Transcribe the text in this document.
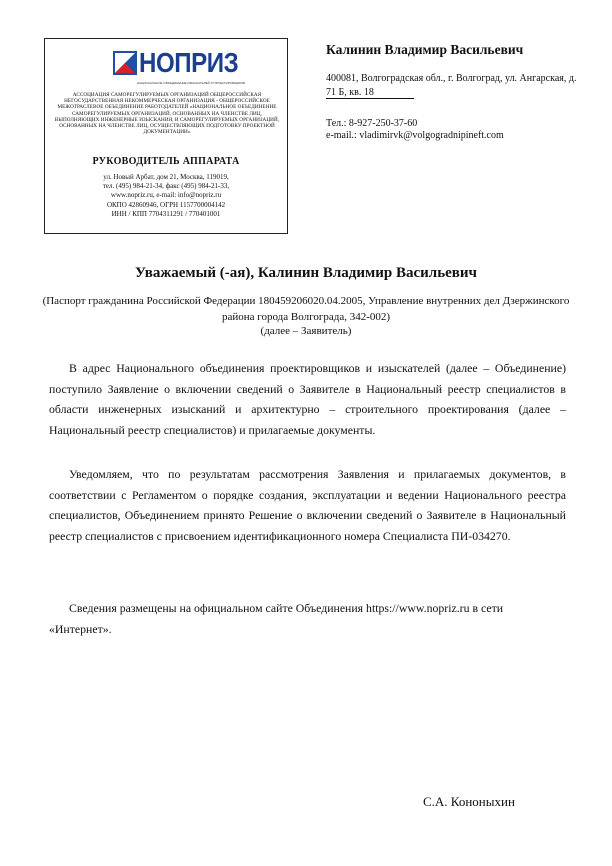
НОПРИЗ
НАЦИОНАЛЬНОЕ ОБЪЕДИНЕНИЕ ИЗЫСКАТЕЛЕЙ И ПРОЕКТИРОВЩИКОВ
АССОЦИАЦИЯ САМОРЕГУЛИРУЕМЫХ ОРГАНИЗАЦИЙ ОБЩЕРОССИЙСКАЯ НЕГОСУДАРСТВЕННАЯ НЕКОММЕРЧЕСКАЯ ОРГАНИЗАЦИЯ - ОБЩЕРОССИЙСКОЕ МЕЖОТРАСЛЕВОЕ ОБЪЕДИНЕНИЕ РАБОТОДАТЕЛЕЙ «НАЦИОНАЛЬНОЕ ОБЪЕДИНЕНИЕ САМОРЕГУЛИРУЕМЫХ ОРГАНИЗАЦИЙ, ОСНОВАННЫХ НА ЧЛЕНСТВЕ ЛИЦ, ВЫПОЛНЯЮЩИХ ИНЖЕНЕРНЫЕ ИЗЫСКАНИЯ, И САМОРЕГУЛИРУЕМЫХ ОРГАНИЗАЦИЙ, ОСНОВАННЫХ НА ЧЛЕНСТВЕ ЛИЦ, ОСУЩЕСТВЛЯЮЩИХ ПОДГОТОВКУ ПРОЕКТНОЙ ДОКУМЕНТАЦИИ»
РУКОВОДИТЕЛЬ АППАРАТА
ул. Новый Арбат, дом 21, Москва, 119019,
тел. (495) 984-21-34, факс (495) 984-21-33,
www.nopriz.ru, e-mail: info@nopriz.ru
ОКПО 42860946, ОГРН 1157700004142
ИНН / КПП 7704311291 / 770401001
Калинин Владимир Васильевич
400081, Волгоградская обл., г. Волгоград, ул. Ангарская, д. 71 Б, кв. 18
Тел.: 8-927-250-37-60
e-mail.: vladimirvk@volgogradnipineft.com
Уважаемый (-ая), Калинин Владимир Васильевич
(Паспорт гражданина Российской Федерации 180459206020.04.2005, Управление внутренних дел Дзержинского района города Волгограда, 342-002)
(далее – Заявитель)

В адрес Национального объединения проектировщиков и изыскателей (далее – Объединение) поступило Заявление о включении сведений о Заявителе в Национальный реестр специалистов в области инженерных изысканий и архитектурно – строительного проектирования (далее – Национальный реестр специалистов) и прилагаемые документы.

Уведомляем, что по результатам рассмотрения Заявления и прилагаемых документов, в соответствии с Регламентом о порядке создания, эксплуатации и ведении Национального реестра специалистов, Объединением принято Решение о включении сведений о Заявителе в Национальный реестр специалистов с присвоением идентификационного номера Специалиста ПИ-034270.

Сведения размещены на официальном сайте Объединения https://www.nopriz.ru в сети «Интернет».

С.А. Кононыхин
